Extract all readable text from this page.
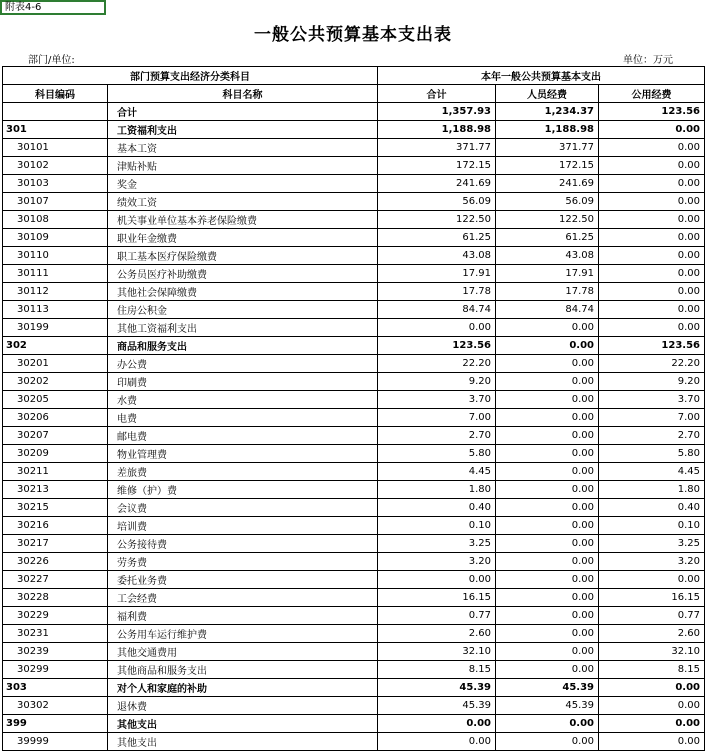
附表4-6
一般公共预算基本支出表
部门/单位:	单位：万元
部门预算支出经济分类科目		本年一般公共预算基本支出		
科目编码	科目名称	合计	人员经费	公用经费
	合计	1,357.93	1,234.37	123.56
301	工资福利支出	1,188.98	1,188.98	0.00
30101	基本工资	371.77	371.77	0.00
30102	津贴补贴	172.15	172.15	0.00
30103	奖金	241.69	241.69	0.00
30107	绩效工资	56.09	56.09	0.00
30108	机关事业单位基本养老保险缴费	122.50	122.50	0.00
30109	职业年金缴费	61.25	61.25	0.00
30110	职工基本医疗保险缴费	43.08	43.08	0.00
30111	公务员医疗补助缴费	17.91	17.91	0.00
30112	其他社会保障缴费	17.78	17.78	0.00
30113	住房公积金	84.74	84.74	0.00
30199	其他工资福利支出	0.00	0.00	0.00
302	商品和服务支出	123.56	0.00	123.56
30201	办公费	22.20	0.00	22.20
30202	印刷费	9.20	0.00	9.20
30205	水费	3.70	0.00	3.70
30206	电费	7.00	0.00	7.00
30207	邮电费	2.70	0.00	2.70
30209	物业管理费	5.80	0.00	5.80
30211	差旅费	4.45	0.00	4.45
30213	维修（护）费	1.80	0.00	1.80
30215	会议费	0.40	0.00	0.40
30216	培训费	0.10	0.00	0.10
30217	公务接待费	3.25	0.00	3.25
30226	劳务费	3.20	0.00	3.20
30227	委托业务费	0.00	0.00	0.00
30228	工会经费	16.15	0.00	16.15
30229	福利费	0.77	0.00	0.77
30231	公务用车运行维护费	2.60	0.00	2.60
30239	其他交通费用	32.10	0.00	32.10
30299	其他商品和服务支出	8.15	0.00	8.15
303	对个人和家庭的补助	45.39	45.39	0.00
30302	退休费	45.39	45.39	0.00
399	其他支出	0.00	0.00	0.00
39999	其他支出	0.00	0.00	0.00
